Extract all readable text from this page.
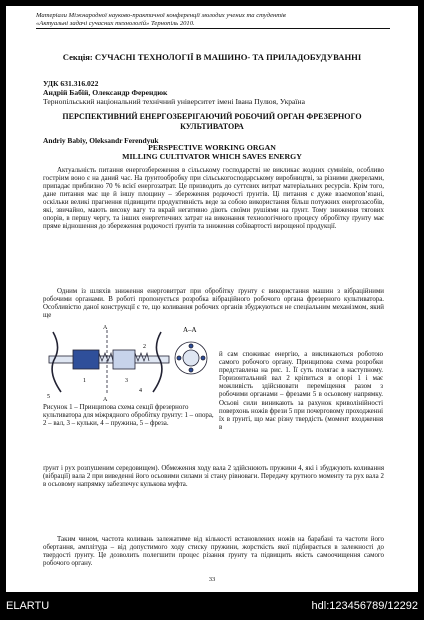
Матеріали Міжнародної науково-практичної конференції молодих учених та студентів
«Актуальні задачі сучасних технологій» Тернопіль 2010.
Секція: СУЧАСНІ ТЕХНОЛОГІЇ В МАШИНО- ТА ПРИЛАДОБУДУВАННІ
УДК 631.316.022
Андрій Бабій, Олександр Ферендюк
Тернопільський національний технічний університет імені Івана Пулюя, Україна
ПЕРСПЕКТИВНИЙ ЕНЕРГОЗБЕРІГАЮЧИЙ РОБОЧИЙ ОРГАН ФРЕЗЕРНОГО КУЛЬТИВАТОРА
Andriy Babiy, Oleksandr Ferendyuk
PERSPECTIVE WORKING ORGAN
MILLING CULTIVATOR WHICH SAVES ENERGY

Актуальність питання енергозбереження в сільському господарстві не викликає жодних сумнівів, особливо гостріим воно є на даний час. На ґрунтообробку при сільськогосподарському виробництві, за різними джерелами, припадає приблизно 70 % всієї енергозатрат. Це призводить до суттєвих витрат матеріальних ресурсів. Крім того, дане питання має ще й іншу площину – збереження родючості ґрунтів. Ці питання є дуже взаємоповʼязані, оскільки великі прагнення підвищити продуктивність веде за собою використання більш потужних енергозасобів, які, звичайно, мають високу вагу та вкрай негативно діють своїми рушіями на ґрунт. Тому зниження тягових опорів, в першу чергу, та інших енергетичних затрат на виконання технологічного процесу обробітку ґрунту має пряме відношення до збереження родючості ґрунтів та зниження собівартості вирощеної продукції.

Одним із шляхів зниження енерговитрат при обробітку ґрунту є використання машин з вібраційними робочими органами. В роботі пропонується розробка вібраційного робочого органа фрезерного культиватора. Особливістю даної конструкції є те, що коливання робочих органів збуджуються не спеціальним механізмом, який ще

A–A
A
A
1
2
3
4
5
й сам споживає енергію, а викликаються роботою самого робочого органу. Принципова схема розробки представлена на рис. 1. Її суть полягає в наступному. Горизонтальний вал 2 кріпиться в опорі 1 і має можливість здійснювати переміщення разом з робочими органами – фрезами 5 в осьовому напрямку. Осьові сили виникають за рахунок криволінійності поверхонь ножів фрези 5 при почерговому проходженні їх в ґрунті, що має різну твердість (момент входження в
Рисунок 1 – Принципова схема секції фрезерного культиватора для міжрядного обробітку ґрунту: 1 – опора, 2 – вал, 3 – кульки, 4 – пружина, 5 – фреза.

ґрунт і рух розпушеним середовищем). Обмеження ходу вала 2 здійснюють пружини 4, які і збуджують коливання (вібрації) вала 2 при виведенні його осьовими силами зі стану рівноваги. Передачу крутного моменту та рух вала 2 в осьовому напрямку забезпечує кулькова муфта.

Таким чином, частота коливань залежатиме від кількості встановлених ножів на барабані та частоти його обертання, амплітуда – від допустимого ходу стиску пружини, жорсткість якої підбирається в залежності до твердості ґрунту. Це дозволить полегшити процес різання ґрунту та підвищить якість самоочищення самого робочого органу.

33
ELARTU	hdl:123456789/12292
